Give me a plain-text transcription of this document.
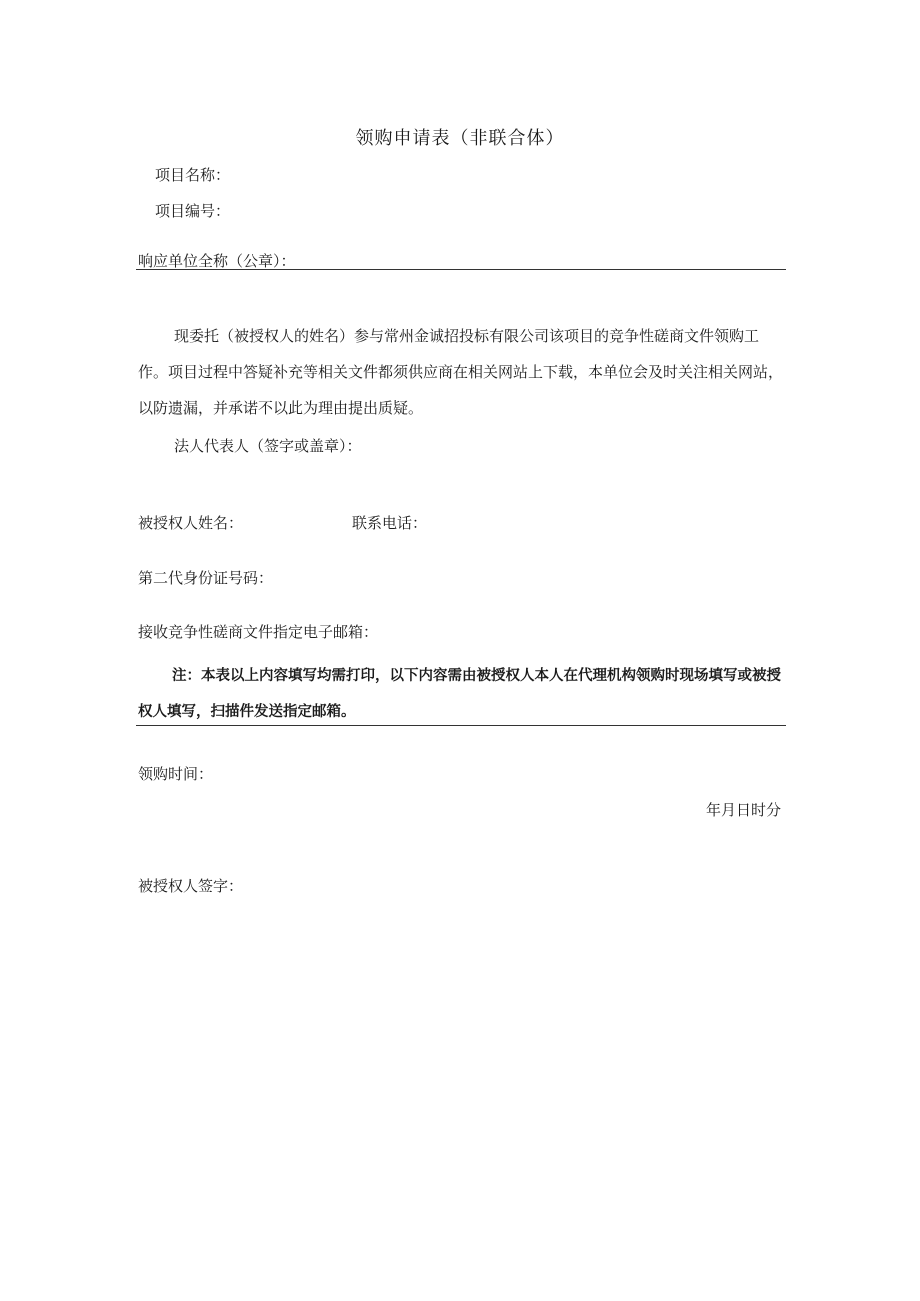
领购申请表（非联合体）
项目名称：
项目编号：
响应单位全称（公章）：
现委托（被授权人的姓名）参与常州金诚招投标有限公司该项目的竞争性磋商文件领购工作。项目过程中答疑补充等相关文件都须供应商在相关网站上下载，本单位会及时关注相关网站，以防遗漏，并承诺不以此为理由提出质疑。
法人代表人（签字或盖章）：
被授权人姓名：	联系电话：
第二代身份证号码：
接收竞争性磋商文件指定电子邮箱：
注：本表以上内容填写均需打印，以下内容需由被授权人本人在代理机构领购时现场填写或被授权人填写，扫描件发送指定邮箱。
领购时间：
年月日时分
被授权人签字：
